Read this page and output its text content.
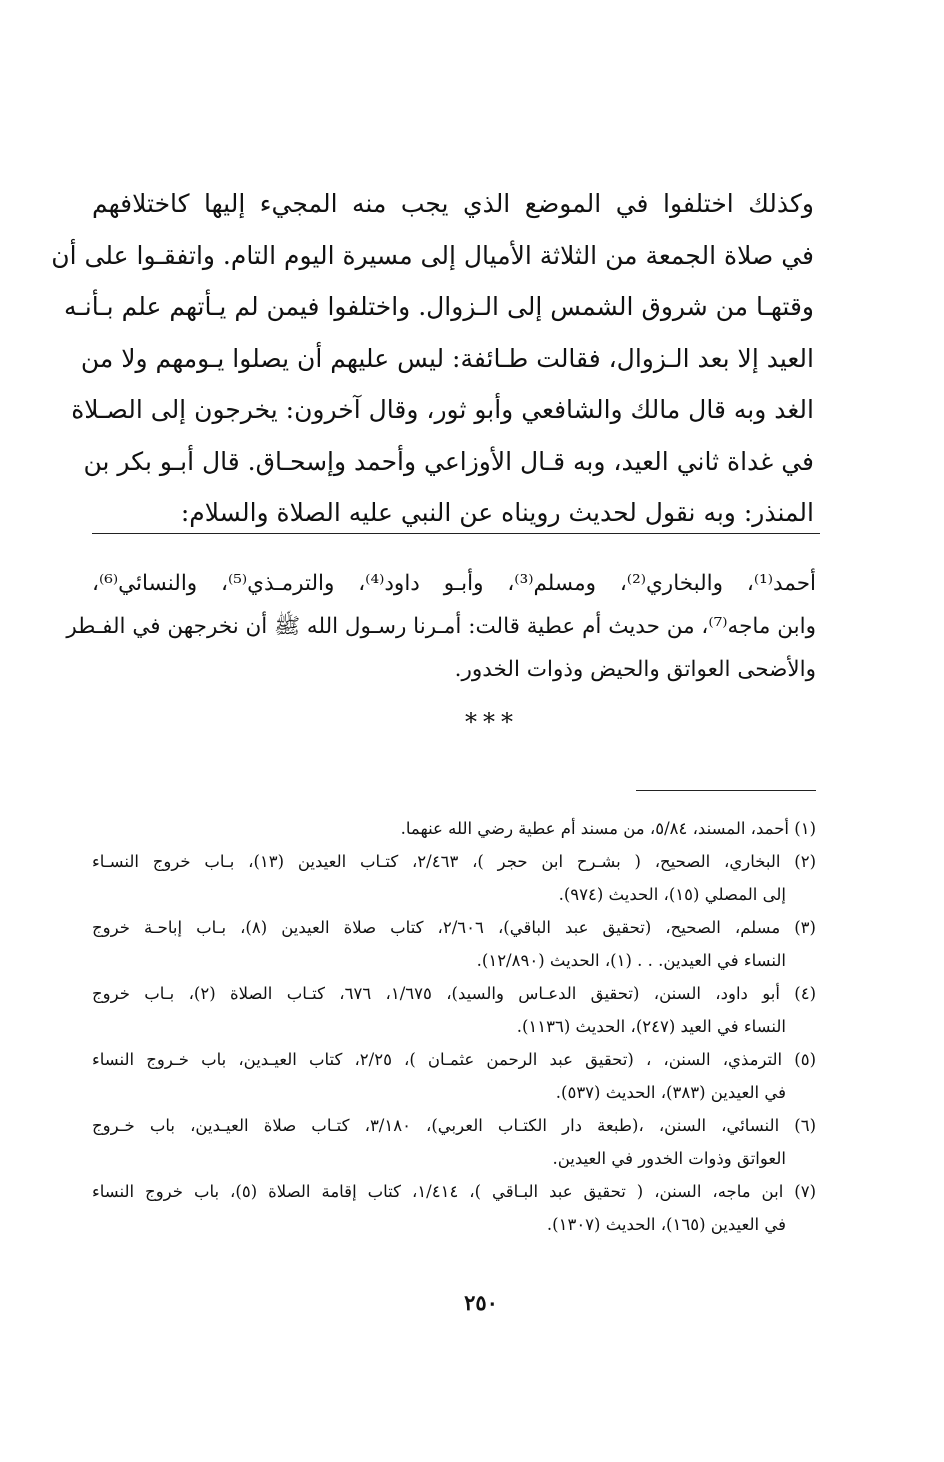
وكذلك اختلفوا في الموضع الذي يجب منه المجيء إليها كاختلافهم
في صلاة الجمعة من الثلاثة الأميال إلى مسيرة اليوم التام. واتفقـوا على أن
وقتهـا من شروق الشمس إلى الـزوال. واختلفوا فيمن لم يـأتهم علم بـأنـه
العيد إلا بعد الـزوال، فقالت طـائفة: ليس عليهم أن يصلوا يـومهم ولا من
الغد وبه قال مالك والشافعي وأبو ثور، وقال آخرون: يخرجون إلى الصـلاة
في غداة ثاني العيد، وبه قـال الأوزاعي وأحمد وإسحـاق. قال أبـو بكر بن
المنذر: وبه نقول لحديث رويناه عن النبي عليه الصلاة والسلام:
أحمد⁽¹⁾، والبخاري⁽²⁾، ومسلم⁽³⁾، وأبـو داود⁽⁴⁾، والترمـذي⁽⁵⁾، والنسائي⁽⁶⁾،
وابن ماجه⁽⁷⁾، من حديث أم عطية قالت: أمـرنا رسـول الله ﷺ أن نخرجهن في الفـطر
والأضحى العواتق والحيض وذوات الخدور.
***
(١) أحمد، المسند، ٥/٨٤، من مسند أم عطية رضي الله عنهما.
(٢) البخاري، الصحيح، ( بشـرح ابن حجر )، ٢/٤٦٣، كتـاب العيدين (١٣)، بـاب خروج النسـاء
إلى المصلي (١٥)، الحديث (٩٧٤).
(٣) مسلم، الصحيح، (تحقيق عبد الباقي)، ٢/٦٠٦، كتاب صلاة العيدين (٨)، بـاب إباحـة خروج
النساء في العيدين. . . (١)، الحديث (١٢/٨٩٠).
(٤) أبو داود، السنن، (تحقيق الدعـاس والسيد)، ١/٦٧٥، ٦٧٦، كتـاب الصلاة (٢)، بـاب خروج
النساء في العيد (٢٤٧)، الحديث (١١٣٦).
(٥) الترمذي، السنن، ، (تحقيق عبد الرحمن عثمـان )، ٢/٢٥، كتاب العيـدين، باب خـروج النساء
في العيدين (٣٨٣)، الحديث (٥٣٧).
(٦) النسائي، السنن، ،(طبعة دار الكتـاب العربي)، ٣/١٨٠، كتـاب صلاة العيـدين، باب خـروج
العواتق وذوات الخدور في العيدين.
(٧) ابن ماجه، السنن، ( تحقيق عبد البـاقي )، ١/٤١٤، كتاب إقامة الصلاة (٥)، باب خروج النساء
في العيدين (١٦٥)، الحديث (١٣٠٧).
٢٥٠
